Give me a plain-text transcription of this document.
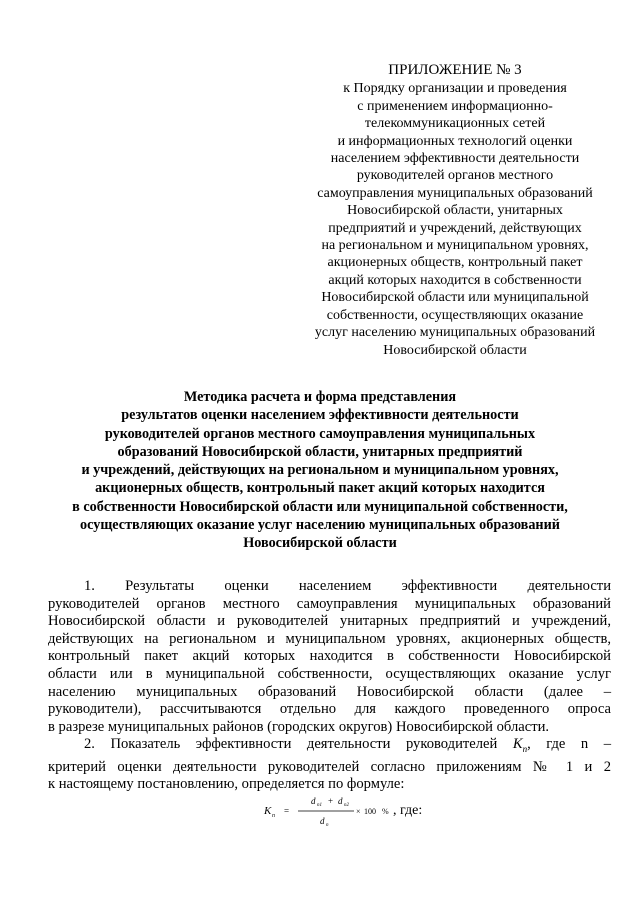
ПРИЛОЖЕНИЕ № 3
к Порядку организации и проведения
с применением информационно-
телекоммуникационных сетей
и информационных технологий оценки
населением эффективности деятельности
руководителей органов местного
самоуправления муниципальных образований
Новосибирской области, унитарных
предприятий и учреждений, действующих
на региональном и муниципальном уровнях,
акционерных обществ, контрольный пакет
акций которых находится в собственности
Новосибирской области или муниципальной
собственности, осуществляющих оказание
услуг населению муниципальных образований
Новосибирской области
Методика расчета и форма представления
результатов оценки населением эффективности деятельности
руководителей органов местного самоуправления муниципальных
образований Новосибирской области, унитарных предприятий
и учреждений, действующих на региональном и муниципальном уровнях,
акционерных обществ, контрольный пакет акций которых находится
в собственности Новосибирской области или муниципальной собственности,
осуществляющих оказание услуг населению муниципальных образований
Новосибирской области
1. Результаты оценки населением эффективности деятельности
руководителей органов местного самоуправления муниципальных образований
Новосибирской области и руководителей унитарных предприятий и учреждений,
действующих на региональном и муниципальном уровнях, акционерных обществ,
контрольный пакет акций которых находится в собственности Новосибирской
области или в муниципальной собственности, осуществляющих оказание услуг
населению муниципальных образований Новосибирской области (далее –
руководители), рассчитываются отдельно для каждого проведенного опроса
в разрезе муниципальных районов (городских округов) Новосибирской области.
2. Показатель эффективности деятельности руководителей $K_n$, где n –
критерий оценки деятельности руководителей согласно приложениям № 1 и 2
к настоящему постановлению, определяется по формуле:
K n =
d n1 + d n2
d n
× 100 % , где:
